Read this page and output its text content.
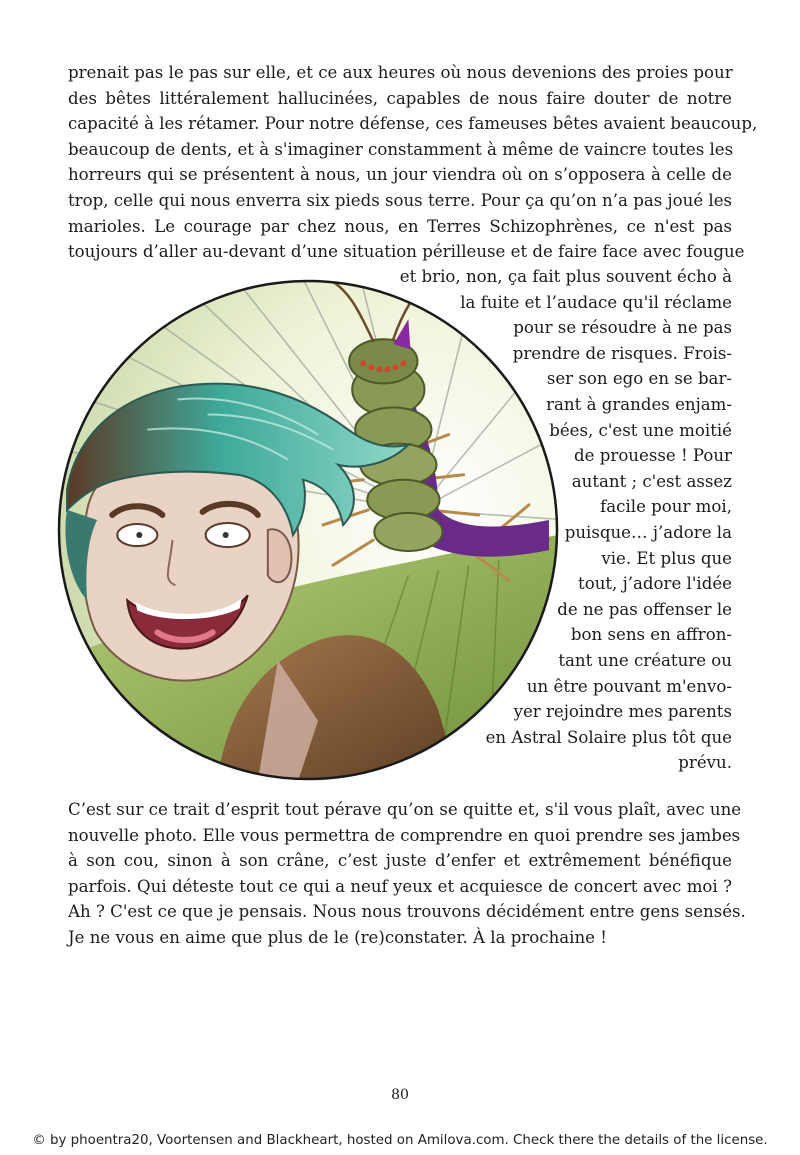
prenait pas le pas sur elle, et ce aux heures où nous devenions des proies pour
des bêtes littéralement hallucinées, capables de nous faire douter de notre
capacité à les rétamer. Pour notre défense, ces fameuses bêtes avaient beaucoup,
beaucoup de dents, et à s'imaginer constamment à même de vaincre toutes les
horreurs qui se présentent à nous, un jour viendra où on s’opposera à celle de
trop, celle qui nous enverra six pieds sous terre. Pour ça qu’on n’a pas joué les
marioles. Le courage par chez nous, en Terres Schizophrènes, ce n'est pas
toujours d’aller au-devant d’une situation périlleuse et de faire face avec fougue
et brio, non, ça fait plus souvent écho à
la fuite et l’audace qu'il réclame
pour se résoudre à ne pas
prendre de risques. Frois-
ser son ego en se bar-
rant à grandes enjam-
bées, c'est une moitié
de prouesse ! Pour
autant ; c'est assez
facile pour moi,
puisque… j’adore la
vie. Et plus que
tout, j’adore l'idée
de ne pas offenser le
bon sens en affron-
tant une créature ou
un être pouvant m'envo-
yer rejoindre mes parents
en Astral Solaire plus tôt que
prévu.
C’est sur ce trait d’esprit tout pérave qu’on se quitte et, s'il vous plaît, avec une
nouvelle photo. Elle vous permettra de comprendre en quoi prendre ses jambes
à son cou, sinon à son crâne, c’est juste d’enfer et extrêmement bénéfique
parfois. Qui déteste tout ce qui a neuf yeux et acquiesce de concert avec moi ?
Ah ? C'est ce que je pensais. Nous nous trouvons décidément entre gens sensés.
Je ne vous en aime que plus de le (re)constater. À la prochaine !
80
© by phoentra20, Voortensen and Blackheart, hosted on Amilova.com. Check there the details of the license.
